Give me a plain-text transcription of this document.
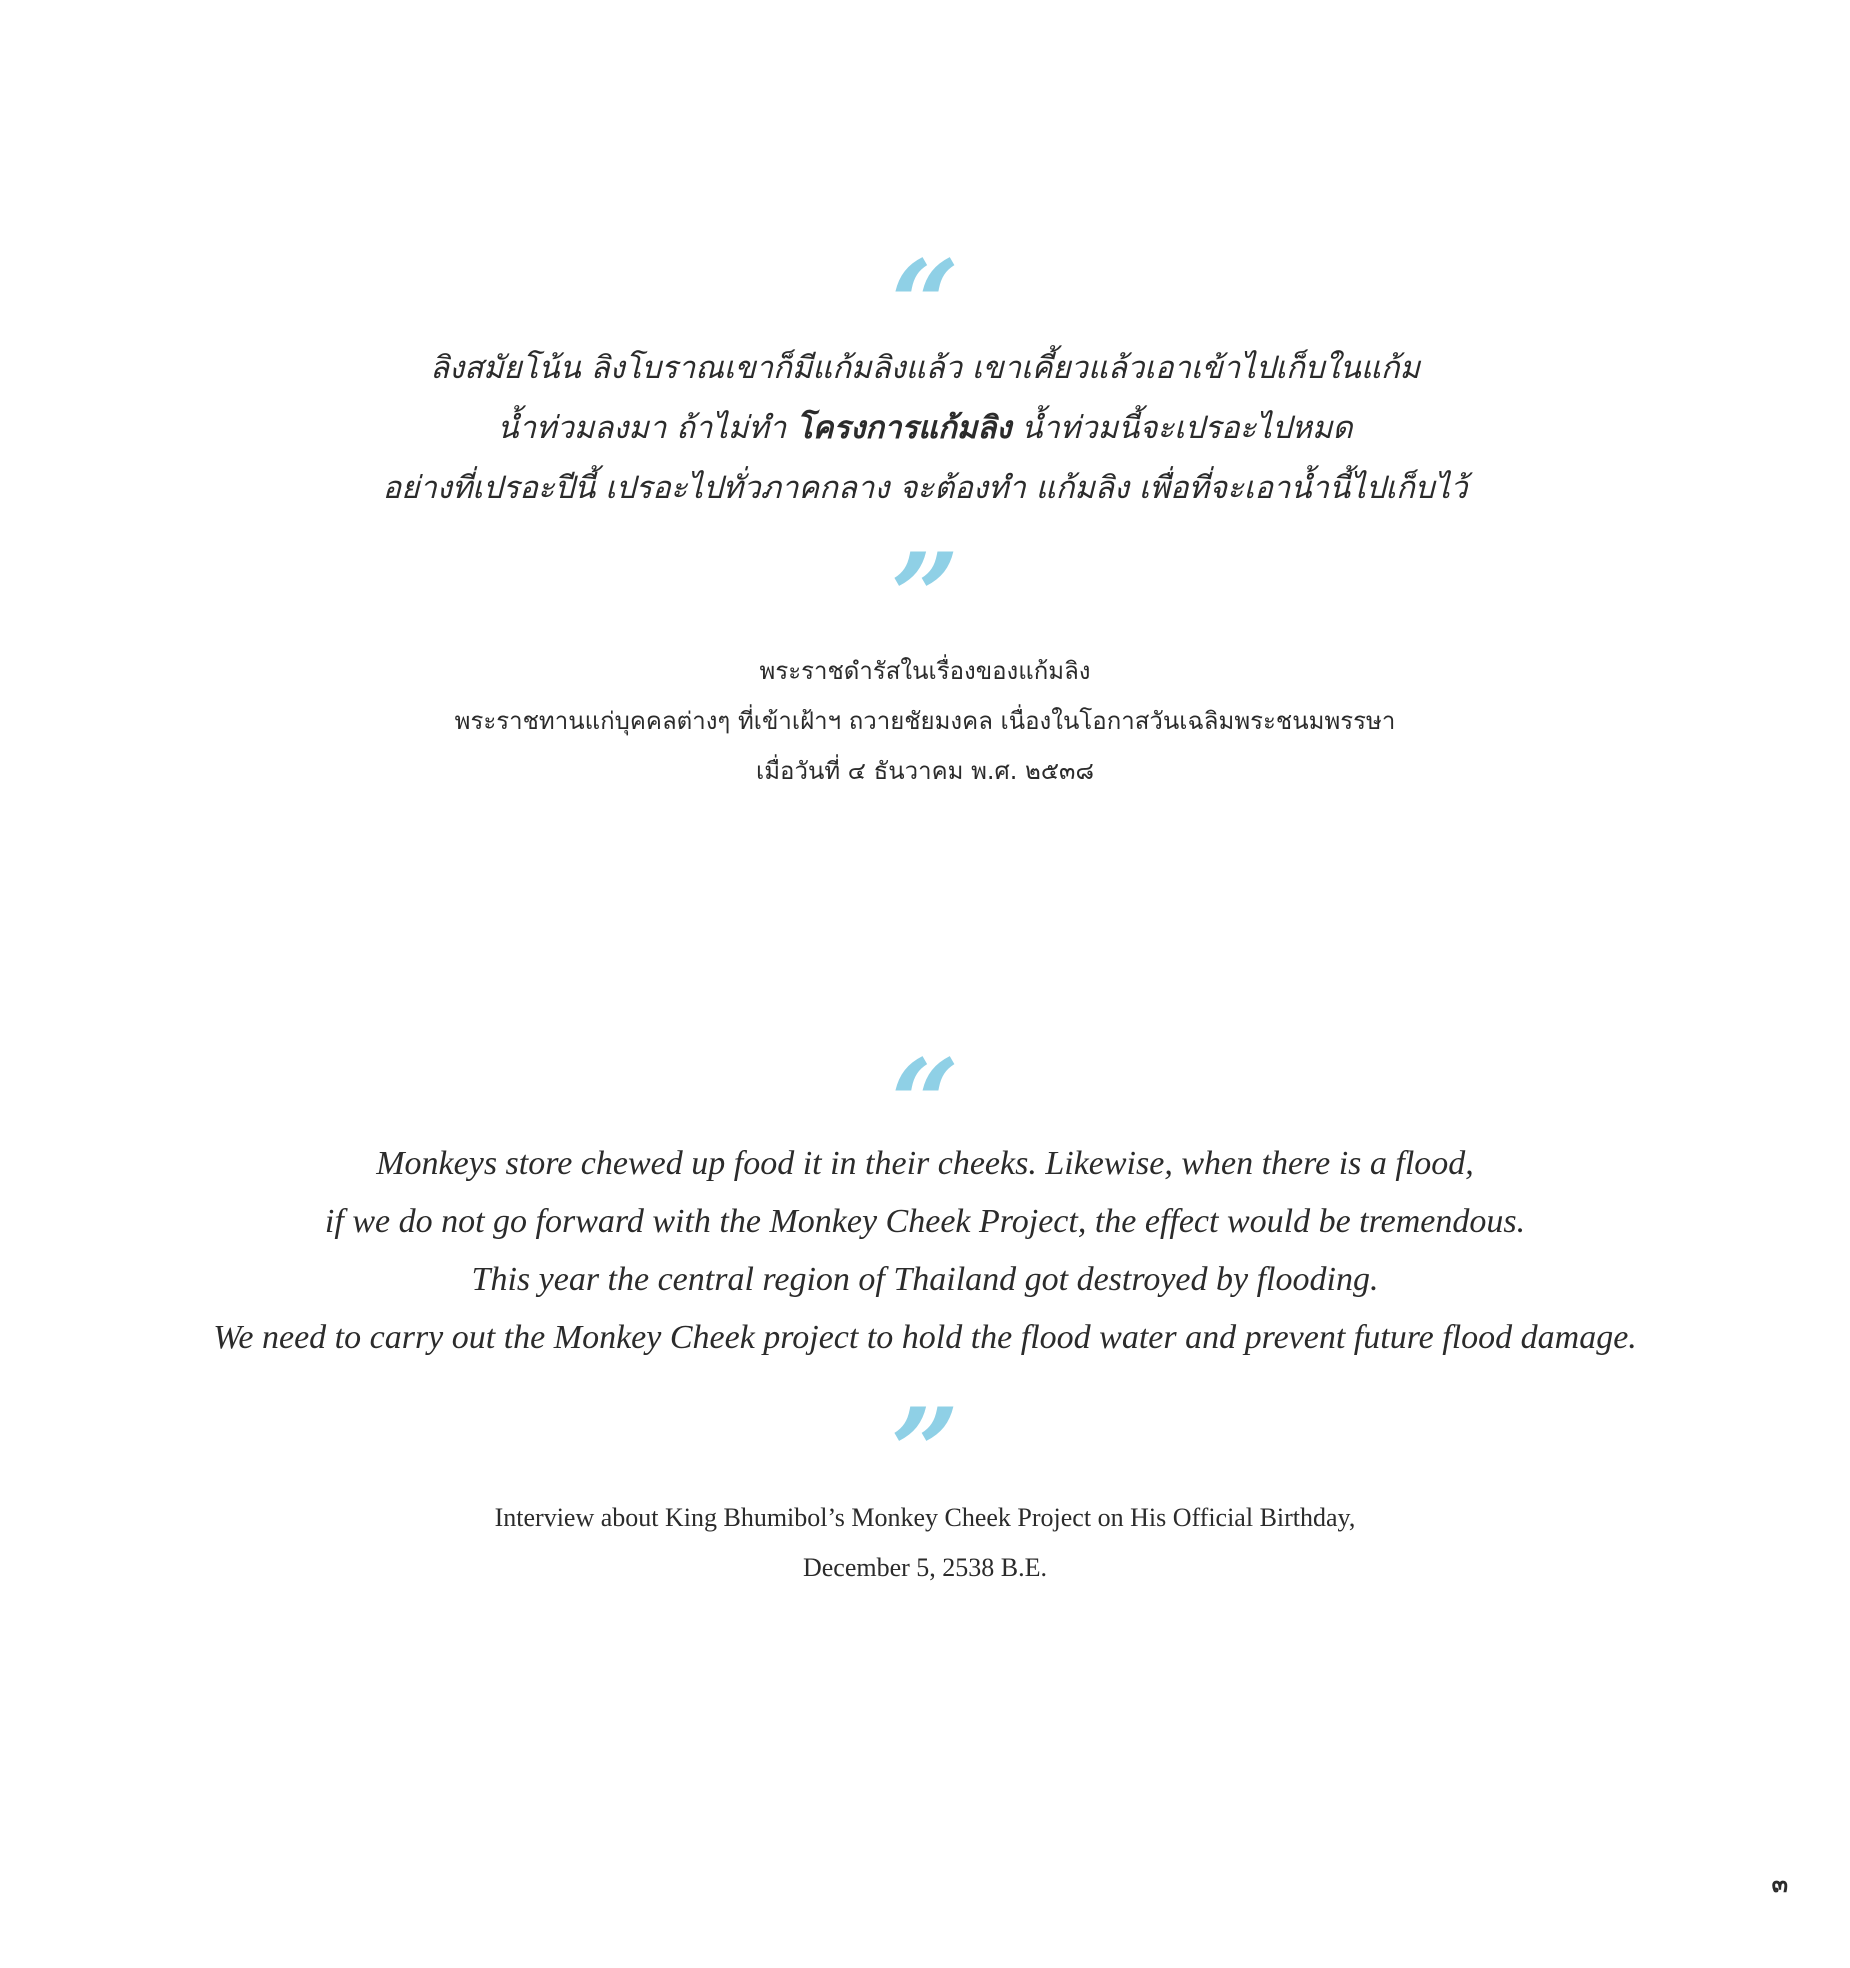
“
ลิงสมัยโน้น ลิงโบราณเขาก็มีแก้มลิงแล้ว เขาเคี้ยวแล้วเอาเข้าไปเก็บในแก้ม
น้ำท่วมลงมา ถ้าไม่ทำ โครงการแก้มลิง น้ำท่วมนี้จะเปรอะไปหมด
อย่างที่เปรอะปีนี้ เปรอะไปทั่วภาคกลาง จะต้องทำ แก้มลิง เพื่อที่จะเอาน้ำนี้ไปเก็บไว้
”
พระราชดำรัสในเรื่องของแก้มลิง
พระราชทานแก่บุคคลต่างๆ ที่เข้าเฝ้าฯ ถวายชัยมงคล เนื่องในโอกาสวันเฉลิมพระชนมพรรษา
เมื่อวันที่ ๔ ธันวาคม พ.ศ. ๒๕๓๘
“
Monkeys store chewed up food it in their cheeks. Likewise, when there is a flood,
if we do not go forward with the Monkey Cheek Project, the effect would be tremendous.
This year the central region of Thailand got destroyed by flooding.
We need to carry out the Monkey Cheek project to hold the flood water and prevent future flood damage.
”
Interview about King Bhumibol’s Monkey Cheek Project on His Official Birthday,
December 5, 2538 B.E.
๓
